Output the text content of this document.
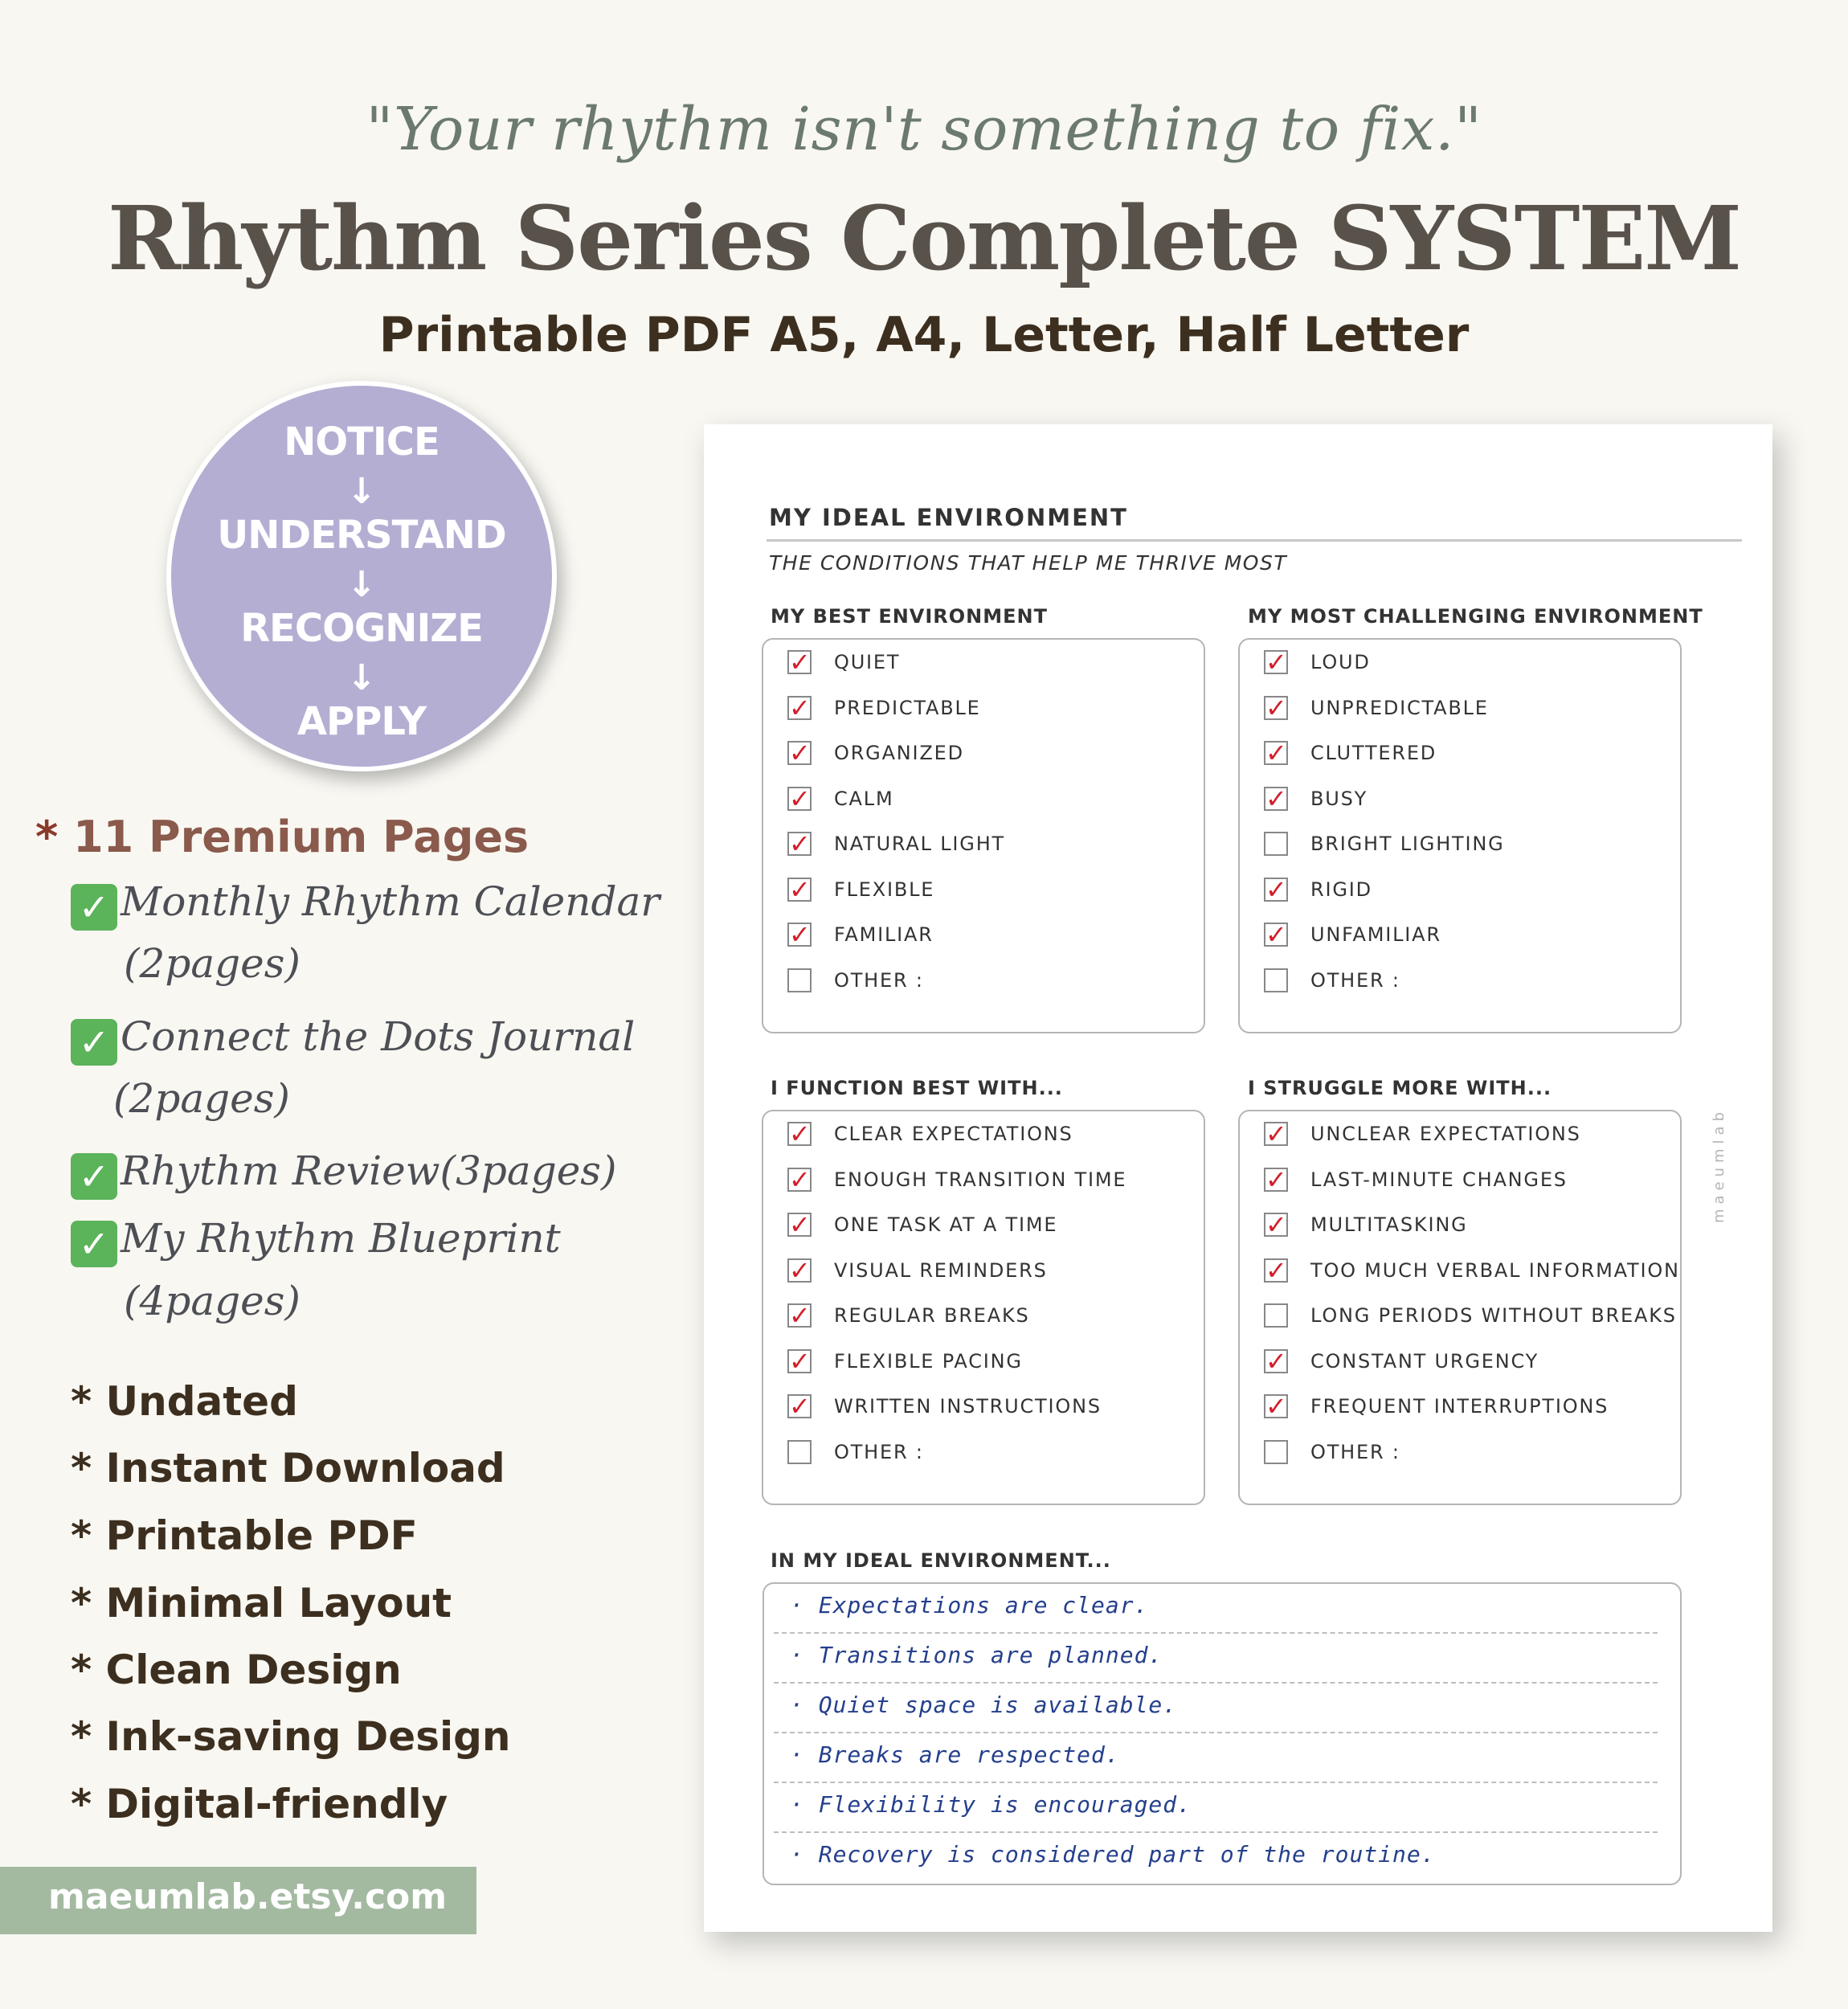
"Your rhythm isn't something to fix."
Rhythm Series Complete SYSTEM
Printable PDF A5, A4, Letter, Half Letter
NOTICE
↓
UNDERSTAND
↓
RECOGNIZE
↓
APPLY
* 11 Premium Pages
✓ Monthly Rhythm Calendar
(2pages)
✓ Connect the Dots Journal
(2pages)
✓ Rhythm Review(3pages)
✓ My Rhythm Blueprint
(4pages)
* Undated
* Instant Download
* Printable PDF
* Minimal Layout
* Clean Design
* Ink-saving Design
* Digital-friendly
maeumlab.etsy.com
MY IDEAL ENVIRONMENT
THE CONDITIONS THAT HELP ME THRIVE MOST
MY BEST ENVIRONMENT
✓ QUIET
✓ PREDICTABLE
✓ ORGANIZED
✓ CALM
✓ NATURAL LIGHT
✓ FLEXIBLE
✓ FAMILIAR
OTHER :
MY MOST CHALLENGING ENVIRONMENT
✓ LOUD
✓ UNPREDICTABLE
✓ CLUTTERED
✓ BUSY
BRIGHT LIGHTING
✓ RIGID
✓ UNFAMILIAR
OTHER :
I FUNCTION BEST WITH...
✓ CLEAR EXPECTATIONS
✓ ENOUGH TRANSITION TIME
✓ ONE TASK AT A TIME
✓ VISUAL REMINDERS
✓ REGULAR BREAKS
✓ FLEXIBLE PACING
✓ WRITTEN INSTRUCTIONS
OTHER :
I STRUGGLE MORE WITH...
✓ UNCLEAR EXPECTATIONS
✓ LAST-MINUTE CHANGES
✓ MULTITASKING
✓ TOO MUCH VERBAL INFORMATION
LONG PERIODS WITHOUT BREAKS
✓ CONSTANT URGENCY
✓ FREQUENT INTERRUPTIONS
OTHER :
IN MY IDEAL ENVIRONMENT...
· Expectations are clear.
· Transitions are planned.
· Quiet space is available.
· Breaks are respected.
· Flexibility is encouraged.
· Recovery is considered part of the routine.
maeumlab
